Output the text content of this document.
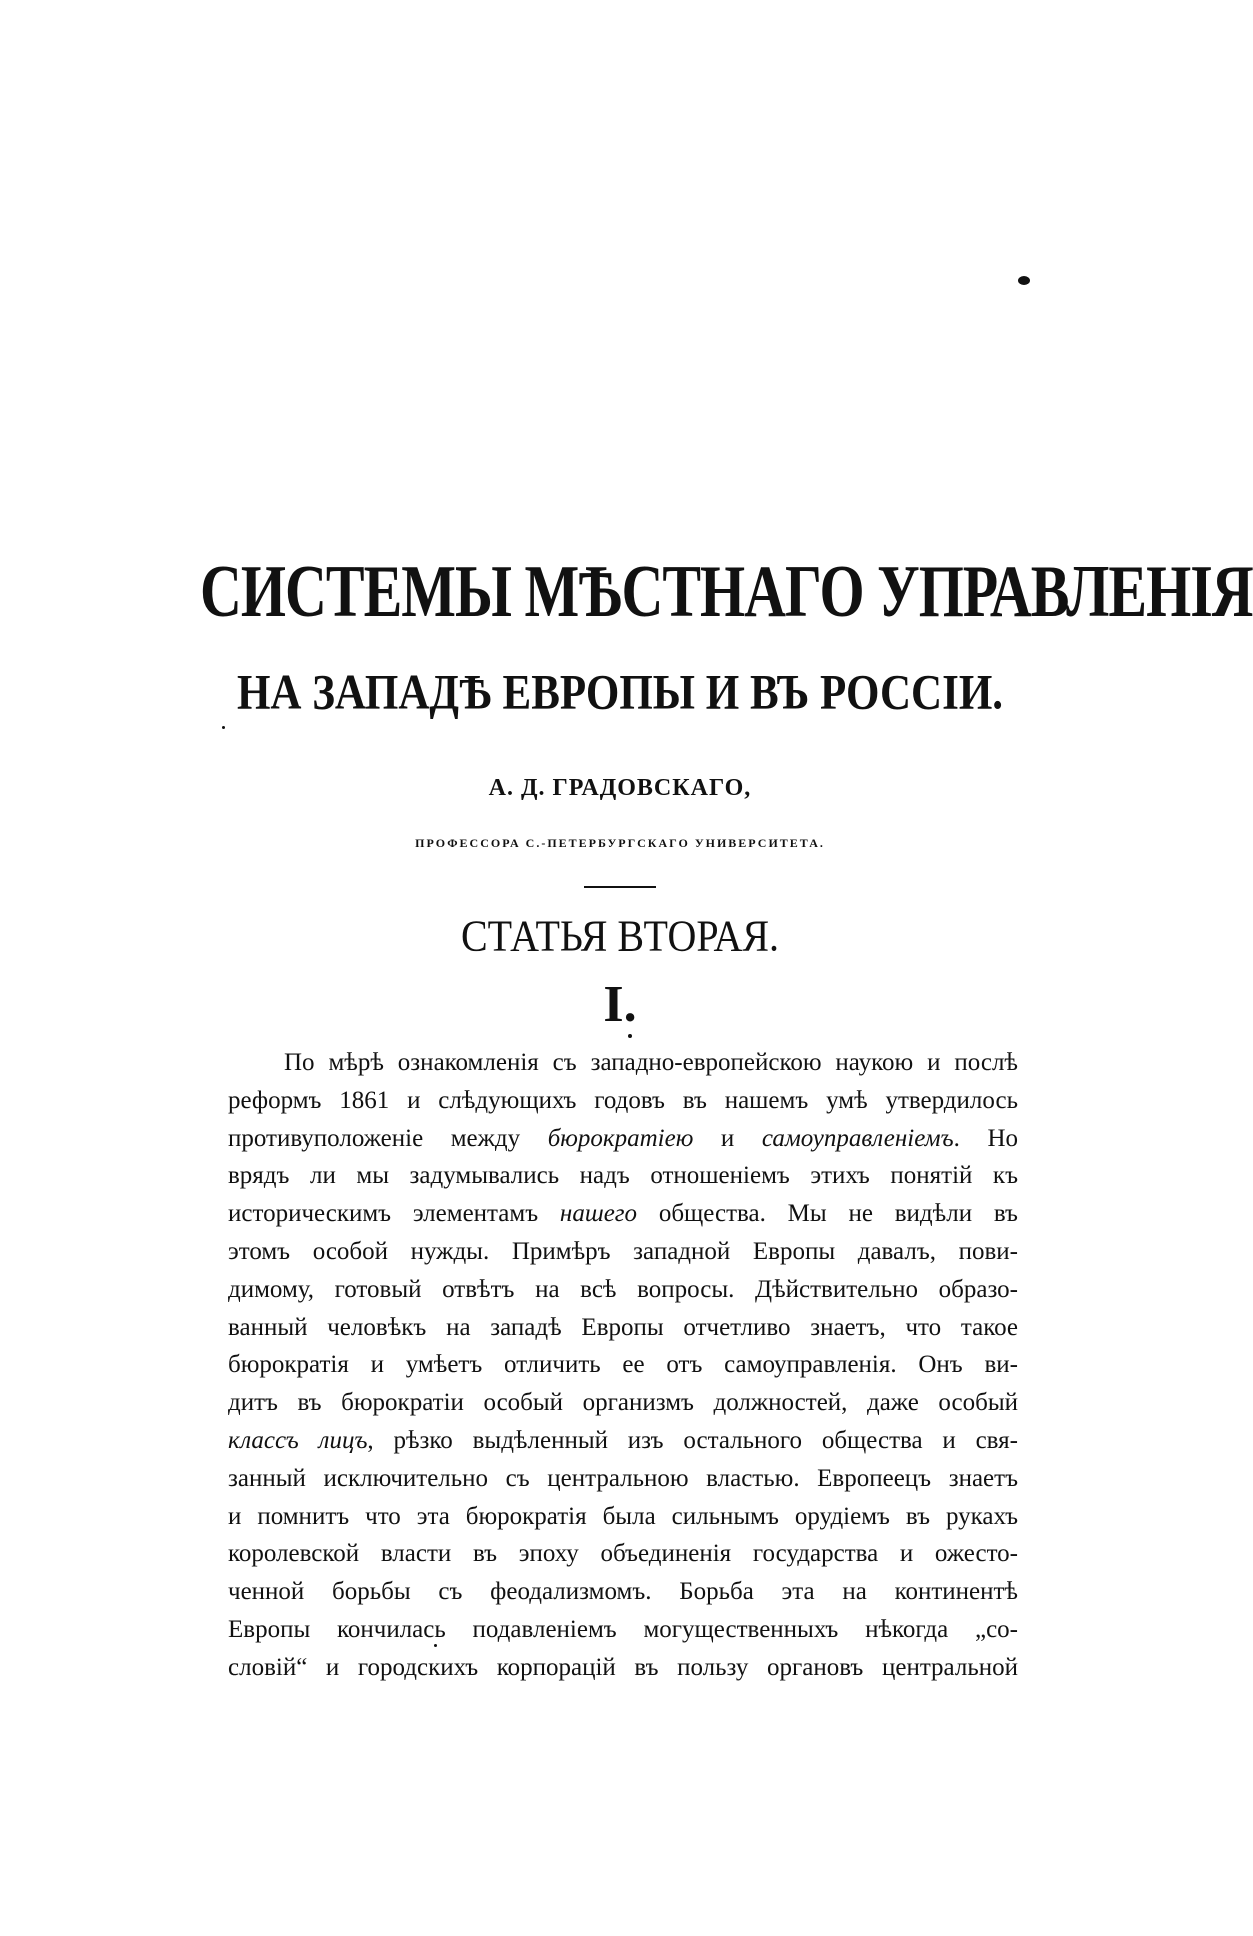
СИСТЕМЫ МѢСТНАГО УПРАВЛЕНІЯ
НА ЗАПАДѢ ЕВРОПЫ И ВЪ РОССІИ.
А. Д. ГРАДОВСКАГО,
ПРОФЕССОРА С.-ПЕТЕРБУРГСКАГО УНИВЕРСИТЕТА.
СТАТЬЯ ВТОРАЯ.
I.
По мѣрѣ ознакомленія съ западно-европейскою наукою и послѣ
реформъ 1861 и слѣдующихъ годовъ въ нашемъ умѣ утвердилось
противуположеніе между бюрократіею и самоуправленіемъ. Но
врядъ ли мы задумывались надъ отношеніемъ этихъ понятій къ
историческимъ элементамъ нашего общества. Мы не видѣли въ
этомъ особой нужды. Примѣръ западной Европы давалъ, пови-
димому, готовый отвѣтъ на всѣ вопросы. Дѣйствительно образо-
ванный человѣкъ на западѣ Европы отчетливо знаетъ, что такое
бюрократія и умѣетъ отличить ее отъ самоуправленія. Онъ ви-
дитъ въ бюрократіи особый организмъ должностей, даже особый
классъ лицъ, рѣзко выдѣленный изъ остального общества и свя-
занный исключительно съ центральною властью. Европеецъ знаетъ
и помнитъ что эта бюрократія была сильнымъ орудіемъ въ рукахъ
королевской власти въ эпоху объединенія государства и ожесто-
ченной борьбы съ феодализмомъ. Борьба эта на континентѣ
Европы кончилась подавленіемъ могущественныхъ нѣкогда „со-
словій“ и городскихъ корпорацій въ пользу органовъ центральной
